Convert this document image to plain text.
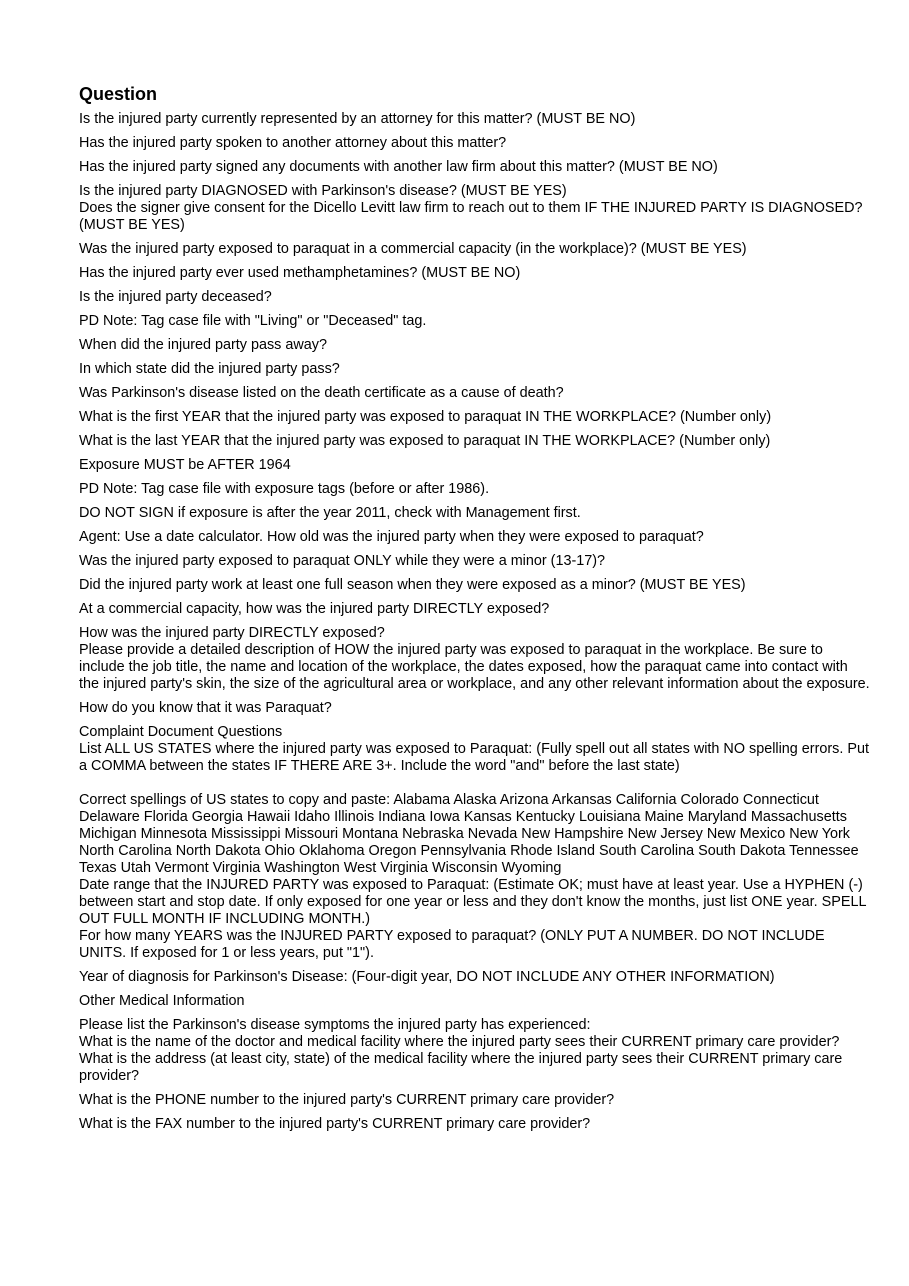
Question
Is the injured party currently represented by an attorney for this matter? (MUST BE NO)
Has the injured party spoken to another attorney about this matter?
Has the injured party signed any documents with another law firm about this matter? (MUST BE NO)
Is the injured party DIAGNOSED with Parkinson's disease? (MUST BE YES)
Does the signer give consent for the Dicello Levitt law firm to reach out to them IF THE INJURED PARTY IS DIAGNOSED? (MUST BE YES)
Was the injured party exposed to paraquat in a commercial capacity (in the workplace)? (MUST BE YES)
Has the injured party ever used methamphetamines? (MUST BE NO)
Is the injured party deceased?
PD Note: Tag case file with "Living" or "Deceased" tag.
When did the injured party pass away?
In which state did the injured party pass?
Was Parkinson's disease listed on the death certificate as a cause of death?
What is the first YEAR that the injured party was exposed to paraquat IN THE WORKPLACE? (Number only)
What is the last YEAR that the injured party was exposed to paraquat IN THE WORKPLACE? (Number only)
Exposure MUST be AFTER 1964
PD Note: Tag case file with exposure tags (before or after 1986).
DO NOT SIGN if exposure is after the year 2011, check with Management first.
Agent: Use a date calculator. How old was the injured party when they were exposed to paraquat?
Was the injured party exposed to paraquat ONLY while they were a minor (13-17)?
Did the injured party work at least one full season when they were exposed as a minor? (MUST BE YES)
At a commercial capacity, how was the injured party DIRECTLY exposed?
How was the injured party DIRECTLY exposed?
Please provide a detailed description of HOW the injured party was exposed to paraquat in the workplace. Be sure to include the job title, the name and location of the workplace, the dates exposed, how the paraquat came into contact with the injured party's skin, the size of the agricultural area or workplace, and any other relevant information about the exposure.
How do you know that it was Paraquat?
Complaint Document Questions
List ALL US STATES where the injured party was exposed to Paraquat: (Fully spell out all states with NO spelling errors. Put a COMMA between the states IF THERE ARE 3+. Include the word "and" before the last state)
Correct spellings of US states to copy and paste: Alabama Alaska Arizona Arkansas California Colorado Connecticut Delaware Florida Georgia Hawaii Idaho Illinois Indiana Iowa Kansas Kentucky Louisiana Maine Maryland Massachusetts Michigan Minnesota Mississippi Missouri Montana Nebraska Nevada New Hampshire New Jersey New Mexico New York North Carolina North Dakota Ohio Oklahoma Oregon Pennsylvania Rhode Island South Carolina South Dakota Tennessee Texas Utah Vermont Virginia Washington West Virginia Wisconsin Wyoming
Date range that the INJURED PARTY was exposed to Paraquat: (Estimate OK; must have at least year. Use a HYPHEN (-) between start and stop date. If only exposed for one year or less and they don't know the months, just list ONE year. SPELL OUT FULL MONTH IF INCLUDING MONTH.)
For how many YEARS was the INJURED PARTY exposed to paraquat? (ONLY PUT A NUMBER. DO NOT INCLUDE UNITS. If exposed for 1 or less years, put "1").
Year of diagnosis for Parkinson's Disease: (Four-digit year, DO NOT INCLUDE ANY OTHER INFORMATION)
Other Medical Information
Please list the Parkinson's disease symptoms the injured party has experienced:
What is the name of the doctor and medical facility where the injured party sees their CURRENT primary care provider?
What is the address (at least city, state) of the medical facility where the injured party sees their CURRENT primary care provider?
What is the PHONE number to the injured party's CURRENT primary care provider?
What is the FAX number to the injured party's CURRENT primary care provider?
